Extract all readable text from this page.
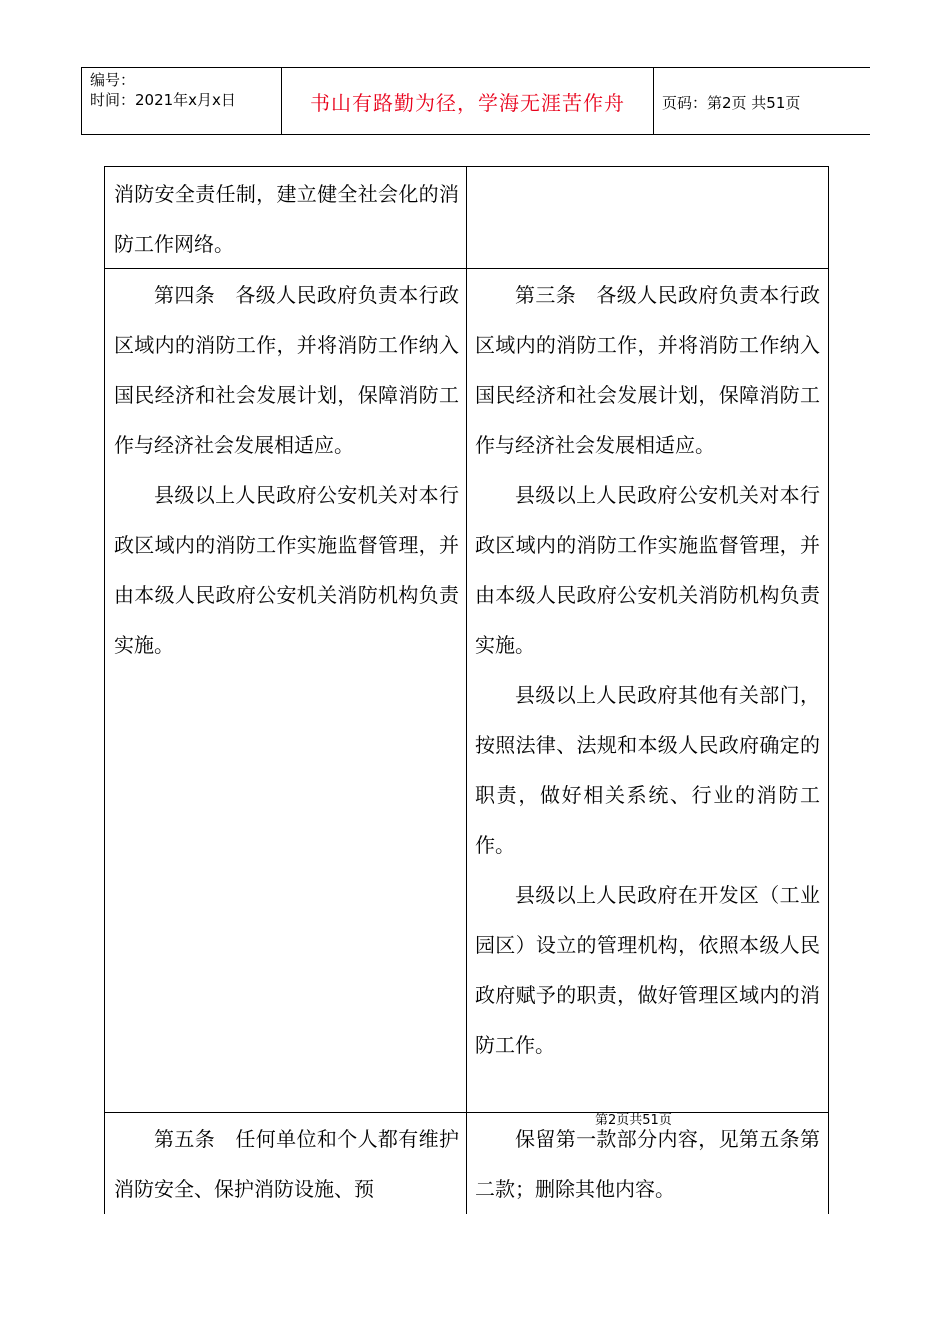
编号：
时间：2021年x月x日	书山有路勤为径，学海无涯苦作舟	页码：第2页 共51页

消防安全责任制，建立健全社会化的消防工作网络。

第四条　各级人民政府负责本行政区域内的消防工作，并将消防工作纳入国民经济和社会发展计划，保障消防工作与经济社会发展相适应。

县级以上人民政府公安机关对本行政区域内的消防工作实施监督管理，并由本级人民政府公安机关消防机构负责实施。

第三条　各级人民政府负责本行政区域内的消防工作，并将消防工作纳入国民经济和社会发展计划，保障消防工作与经济社会发展相适应。

县级以上人民政府公安机关对本行政区域内的消防工作实施监督管理，并由本级人民政府公安机关消防机构负责实施。

县级以上人民政府其他有关部门，按照法律、法规和本级人民政府确定的职责，做好相关系统、行业的消防工作。

县级以上人民政府在开发区（工业园区）设立的管理机构，依照本级人民政府赋予的职责，做好管理区域内的消防工作。

第五条　任何单位和个人都有维护消防安全、保护消防设施、预

保留第一款部分内容，见第五条第二款；删除其他内容。

第2页共51页
